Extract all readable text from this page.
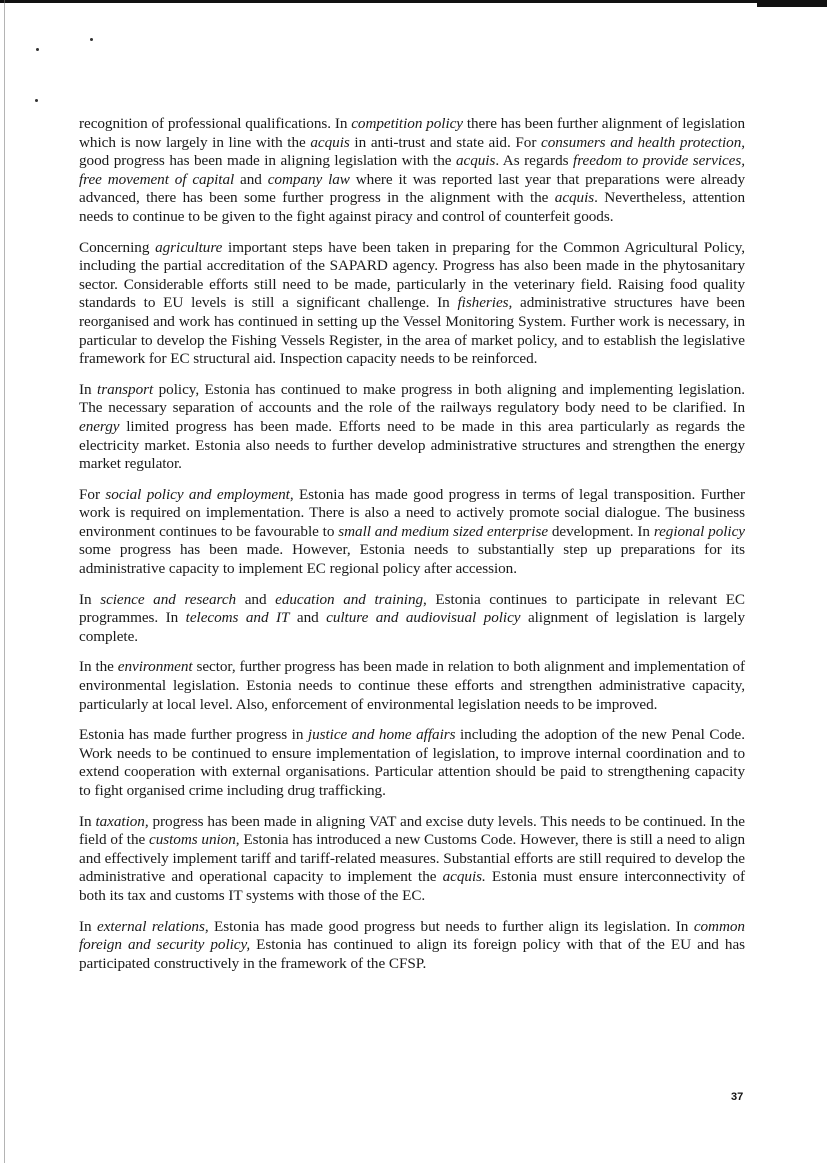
recognition of professional qualifications. In competition policy there has been further alignment of legislation which is now largely in line with the acquis in anti-trust and state aid. For consumers and health protection, good progress has been made in aligning legislation with the acquis. As regards freedom to provide services, free movement of capital and company law where it was reported last year that preparations were already advanced, there has been some further progress in the alignment with the acquis. Nevertheless, attention needs to continue to be given to the fight against piracy and control of counterfeit goods.

Concerning agriculture important steps have been taken in preparing for the Common Agricultural Policy, including the partial accreditation of the SAPARD agency. Progress has also been made in the phytosanitary sector. Considerable efforts still need to be made, particularly in the veterinary field. Raising food quality standards to EU levels is still a significant challenge. In fisheries, administrative structures have been reorganised and work has continued in setting up the Vessel Monitoring System. Further work is necessary, in particular to develop the Fishing Vessels Register, in the area of market policy, and to establish the legislative framework for EC structural aid. Inspection capacity needs to be reinforced.

In transport policy, Estonia has continued to make progress in both aligning and implementing legislation. The necessary separation of accounts and the role of the railways regulatory body need to be clarified. In energy limited progress has been made. Efforts need to be made in this area particularly as regards the electricity market. Estonia also needs to further develop administrative structures and strengthen the energy market regulator.

For social policy and employment, Estonia has made good progress in terms of legal transposition. Further work is required on implementation. There is also a need to actively promote social dialogue. The business environment continues to be favourable to small and medium sized enterprise development. In regional policy some progress has been made. However, Estonia needs to substantially step up preparations for its administrative capacity to implement EC regional policy after accession.

In science and research and education and training, Estonia continues to participate in relevant EC programmes. In telecoms and IT and culture and audiovisual policy alignment of legislation is largely complete.

In the environment sector, further progress has been made in relation to both alignment and implementation of environmental legislation. Estonia needs to continue these efforts and strengthen administrative capacity, particularly at local level. Also, enforcement of environmental legislation needs to be improved.

Estonia has made further progress in justice and home affairs including the adoption of the new Penal Code. Work needs to be continued to ensure implementation of legislation, to improve internal coordination and to extend cooperation with external organisations. Particular attention should be paid to strengthening capacity to fight organised crime including drug trafficking.

In taxation, progress has been made in aligning VAT and excise duty levels. This needs to be continued. In the field of the customs union, Estonia has introduced a new Customs Code. However, there is still a need to align and effectively implement tariff and tariff-related measures. Substantial efforts are still required to develop the administrative and operational capacity to implement the acquis. Estonia must ensure interconnectivity of both its tax and customs IT systems with those of the EC.

In external relations, Estonia has made good progress but needs to further align its legislation. In common foreign and security policy, Estonia has continued to align its foreign policy with that of the EU and has participated constructively in the framework of the CFSP.

37
